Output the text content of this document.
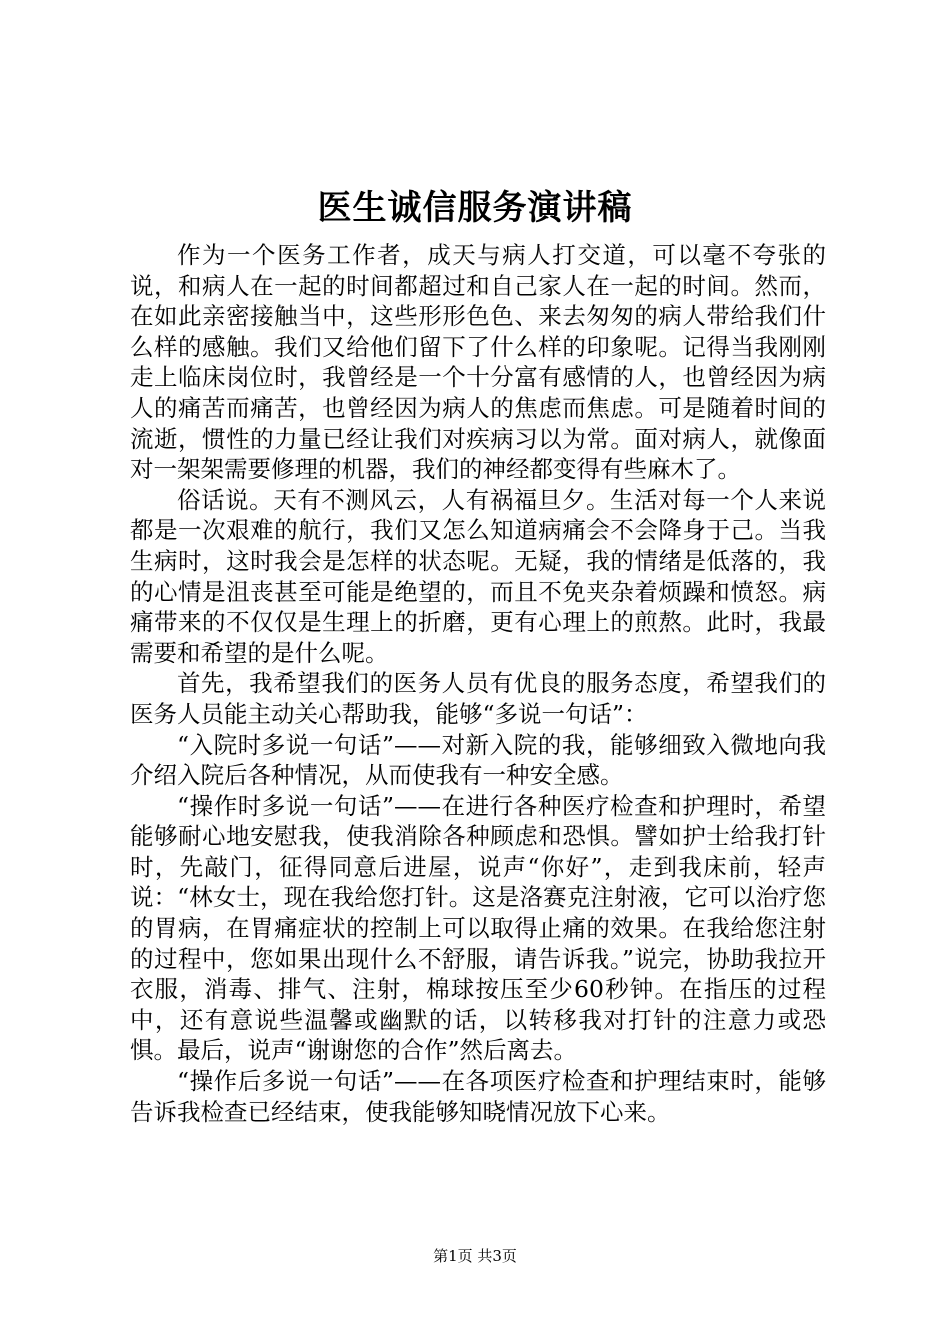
医生诚信服务演讲稿

作为一个医务工作者，成天与病人打交道，可以毫不夸张的说，和病人在一起的时间都超过和自己家人在一起的时间。然而，在如此亲密接触当中，这些形形色色、来去匆匆的病人带给我们什么样的感触。我们又给他们留下了什么样的印象呢。记得当我刚刚走上临床岗位时，我曾经是一个十分富有感情的人，也曾经因为病人的痛苦而痛苦，也曾经因为病人的焦虑而焦虑。可是随着时间的流逝，惯性的力量已经让我们对疾病习以为常。面对病人，就像面对一架架需要修理的机器，我们的神经都变得有些麻木了。

俗话说。天有不测风云，人有祸福旦夕。生活对每一个人来说都是一次艰难的航行，我们又怎么知道病痛会不会降身于己。当我生病时，这时我会是怎样的状态呢。无疑，我的情绪是低落的，我的心情是沮丧甚至可能是绝望的，而且不免夹杂着烦躁和愤怒。病痛带来的不仅仅是生理上的折磨，更有心理上的煎熬。此时，我最需要和希望的是什么呢。

首先，我希望我们的医务人员有优良的服务态度，希望我们的医务人员能主动关心帮助我，能够“多说一句话”：

“入院时多说一句话”——对新入院的我，能够细致入微地向我介绍入院后各种情况，从而使我有一种安全感。

“操作时多说一句话”——在进行各种医疗检查和护理时，希望能够耐心地安慰我，使我消除各种顾虑和恐惧。譬如护士给我打针时，先敲门，征得同意后进屋，说声“你好”，走到我床前，轻声说：“林女士，现在我给您打针。这是洛赛克注射液，它可以治疗您的胃病，在胃痛症状的控制上可以取得止痛的效果。在我给您注射的过程中，您如果出现什么不舒服，请告诉我。”说完，协助我拉开衣服，消毒、排气、注射，棉球按压至少60秒钟。在指压的过程中，还有意说些温馨或幽默的话，以转移我对打针的注意力或恐惧。最后，说声“谢谢您的合作”然后离去。

“操作后多说一句话”——在各项医疗检查和护理结束时，能够告诉我检查已经结束，使我能够知晓情况放下心来。

第1页 共3页
